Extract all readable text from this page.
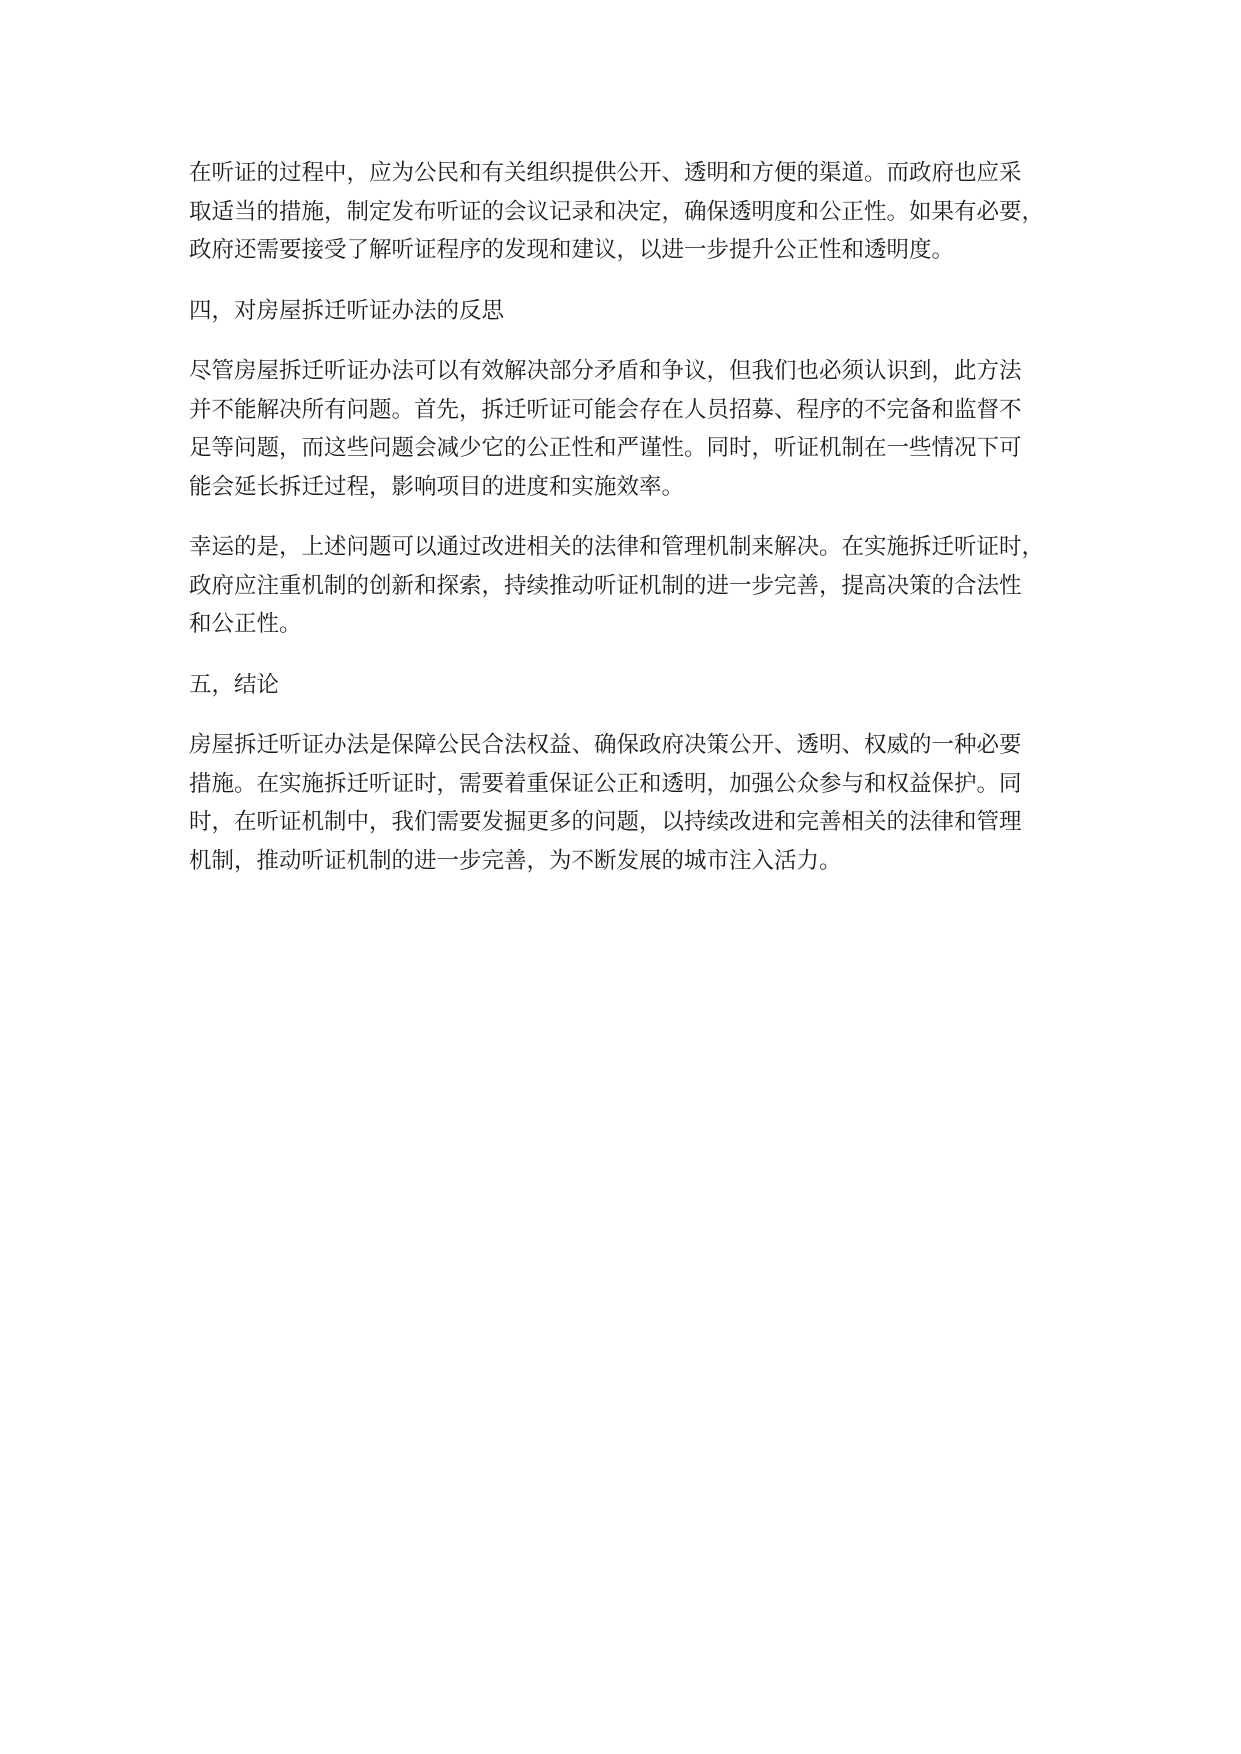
在听证的过程中，应为公民和有关组织提供公开、透明和方便的渠道。而政府也应采
取适当的措施，制定发布听证的会议记录和决定，确保透明度和公正性。如果有必要，
政府还需要接受了解听证程序的发现和建议，以进一步提升公正性和透明度。

四，对房屋拆迁听证办法的反思

尽管房屋拆迁听证办法可以有效解决部分矛盾和争议，但我们也必须认识到，此方法
并不能解决所有问题。首先，拆迁听证可能会存在人员招募、程序的不完备和监督不
足等问题，而这些问题会减少它的公正性和严谨性。同时，听证机制在一些情况下可
能会延长拆迁过程，影响项目的进度和实施效率。

幸运的是，上述问题可以通过改进相关的法律和管理机制来解决。在实施拆迁听证时，
政府应注重机制的创新和探索，持续推动听证机制的进一步完善，提高决策的合法性
和公正性。

五，结论

房屋拆迁听证办法是保障公民合法权益、确保政府决策公开、透明、权威的一种必要
措施。在实施拆迁听证时，需要着重保证公正和透明，加强公众参与和权益保护。同
时，在听证机制中，我们需要发掘更多的问题，以持续改进和完善相关的法律和管理
机制，推动听证机制的进一步完善，为不断发展的城市注入活力。
